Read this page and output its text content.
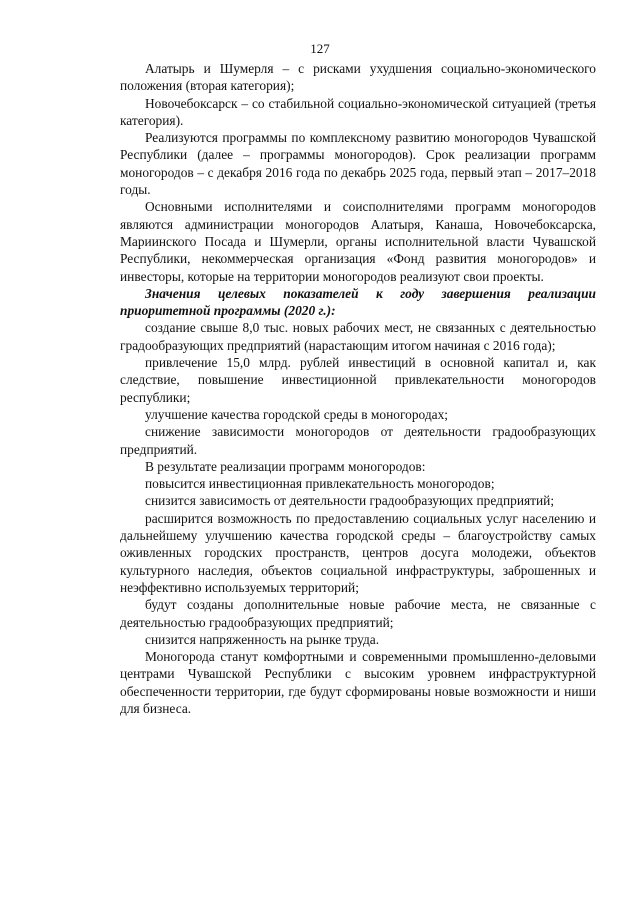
127

Алатырь и Шумерля – с рисками ухудшения социально-экономического положения (вторая категория);

Новочебоксарск – со стабильной социально-экономической ситуацией (третья категория).

Реализуются программы по комплексному развитию моногородов Чувашской Республики (далее – программы моногородов). Срок реализации программ моногородов – с декабря 2016 года по декабрь 2025 года, первый этап – 2017–2018 годы.

Основными исполнителями и соисполнителями программ моногородов являются администрации моногородов Алатыря, Канаша, Новочебоксарска, Мариинского Посада и Шумерли, органы исполнительной власти Чувашской Республики, некоммерческая организация «Фонд развития моногородов» и инвесторы, которые на территории моногородов реализуют свои проекты.

Значения целевых показателей к году завершения реализации приоритетной программы (2020 г.):

создание свыше 8,0 тыс. новых рабочих мест, не связанных с деятельностью градообразующих предприятий (нарастающим итогом начиная с 2016 года);

привлечение 15,0 млрд. рублей инвестиций в основной капитал и, как следствие, повышение инвестиционной привлекательности моногородов республики;

улучшение качества городской среды в моногородах;

снижение зависимости моногородов от деятельности градообразующих предприятий.

В результате реализации программ моногородов:

повысится инвестиционная привлекательность моногородов;

снизится зависимость от деятельности градообразующих предприятий;

расширится возможность по предоставлению социальных услуг населению и дальнейшему улучшению качества городской среды – благоустройству самых оживленных городских пространств, центров досуга молодежи, объектов культурного наследия, объектов социальной инфраструктуры, заброшенных и неэффективно используемых территорий;

будут созданы дополнительные новые рабочие места, не связанные с деятельностью градообразующих предприятий;

снизится напряженность на рынке труда.

Моногорода станут комфортными и современными промышленно-деловыми центрами Чувашской Республики с высоким уровнем инфраструктурной обеспеченности территории, где будут сформированы новые возможности и ниши для бизнеса.
